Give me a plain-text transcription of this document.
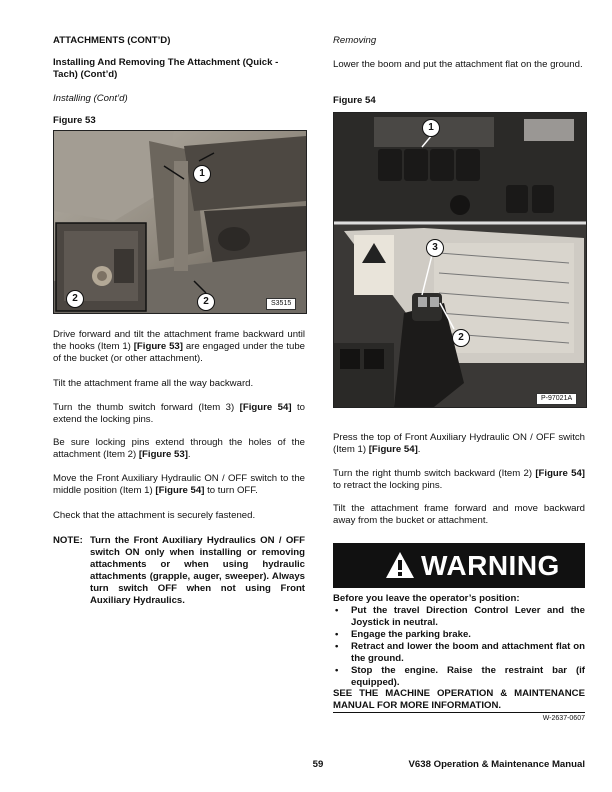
ATTACHMENTS (CONT’D)
Installing And Removing The Attachment (Quick - Tach) (Cont’d)
Installing (Cont’d)
Figure 53
1
2	2	S3515
Drive forward and tilt the attachment frame backward until the hooks (Item 1) [Figure 53] are engaged under the tube of the bucket (or other attachment).
Tilt the attachment frame all the way backward.
Turn the thumb switch forward (Item 3) [Figure 54] to extend the locking pins.
Be sure locking pins extend through the holes of the attachment (Item 2) [Figure 53].
Move the Front Auxiliary Hydraulic ON / OFF switch to the middle position (Item 1) [Figure 54] to turn OFF.
Check that the attachment is securely fastened.
NOTE: Turn the Front Auxiliary Hydraulics ON / OFF switch ON only when installing or removing attachments or when using hydraulic attachments (grapple, auger, sweeper). Always turn switch OFF when not using Front Auxiliary Hydraulics.
Removing
Lower the boom and put the attachment flat on the ground.
Figure 54
1
3
2
P-97021A
Press the top of Front Auxiliary Hydraulic ON / OFF switch (Item 1) [Figure 54].
Turn the right thumb switch backward (Item 2) [Figure 54] to retract the locking pins.
Tilt the attachment frame forward and move backward away from the bucket or attachment.
WARNING
Before you leave the operator’s position:
• Put the travel Direction Control Lever and the Joystick in neutral.
• Engage the parking brake.
• Retract and lower the boom and attachment flat on the ground.
• Stop the engine. Raise the restraint bar (if equipped).
SEE THE MACHINE OPERATION & MAINTENANCE MANUAL FOR MORE INFORMATION.
W-2637-0607
59	V638 Operation & Maintenance Manual
